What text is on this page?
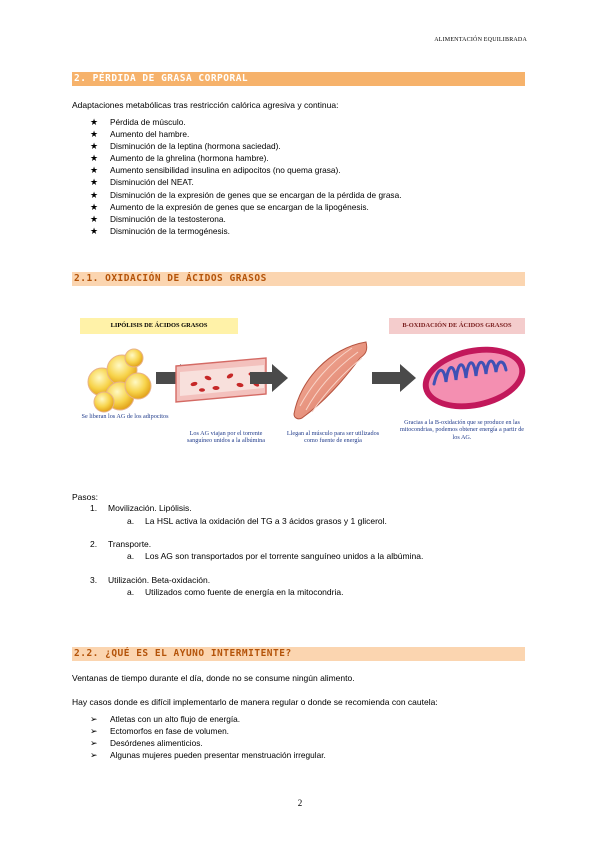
ALIMENTACIÓN EQUILIBRADA
2. PÉRDIDA DE GRASA CORPORAL
Adaptaciones metabólicas tras restricción calórica agresiva y continua:
★ Pérdida de músculo.
★ Aumento del hambre.
★ Disminución de la leptina (hormona saciedad).
★ Aumento de la ghrelina (hormona hambre).
★ Aumento sensibilidad insulina en adipocitos (no quema grasa).
★ Disminución del NEAT.
★ Disminución de la expresión de genes que se encargan de la pérdida de grasa.
★ Aumento de la expresión de genes que se encargan de la lipogénesis.
★ Disminución de la testosterona.
★ Disminución de la termogénesis.
2.1. OXIDACIÓN DE ÁCIDOS GRASOS
LIPÓLISIS DE ÁCIDOS GRASOS	B-OXIDACIÓN DE ÁCIDOS GRASOS
Se liberan los AG de los adipocitos
Los AG viajan por el torrente sanguíneo unidos a la albúmina
Llegan al músculo para ser utilizados como fuente de energía
Gracias a la B-oxidación que se produce en las mitocondrias, podemos obtener energía a partir de los AG.
Pasos:
1. Movilización. Lipólisis.
a. La HSL activa la oxidación del TG a 3 ácidos grasos y 1 glicerol.
2. Transporte.
a. Los AG son transportados por el torrente sanguíneo unidos a la albúmina.
3. Utilización. Beta-oxidación.
a. Utilizados como fuente de energía en la mitocondria.
2.2. ¿QUÉ ES EL AYUNO INTERMITENTE?
Ventanas de tiempo durante el día, donde no se consume ningún alimento.
Hay casos donde es difícil implementarlo de manera regular o donde se recomienda con cautela:
➢ Atletas con un alto flujo de energía.
➢ Ectomorfos en fase de volumen.
➢ Desórdenes alimenticios.
➢ Algunas mujeres pueden presentar menstruación irregular.
2
